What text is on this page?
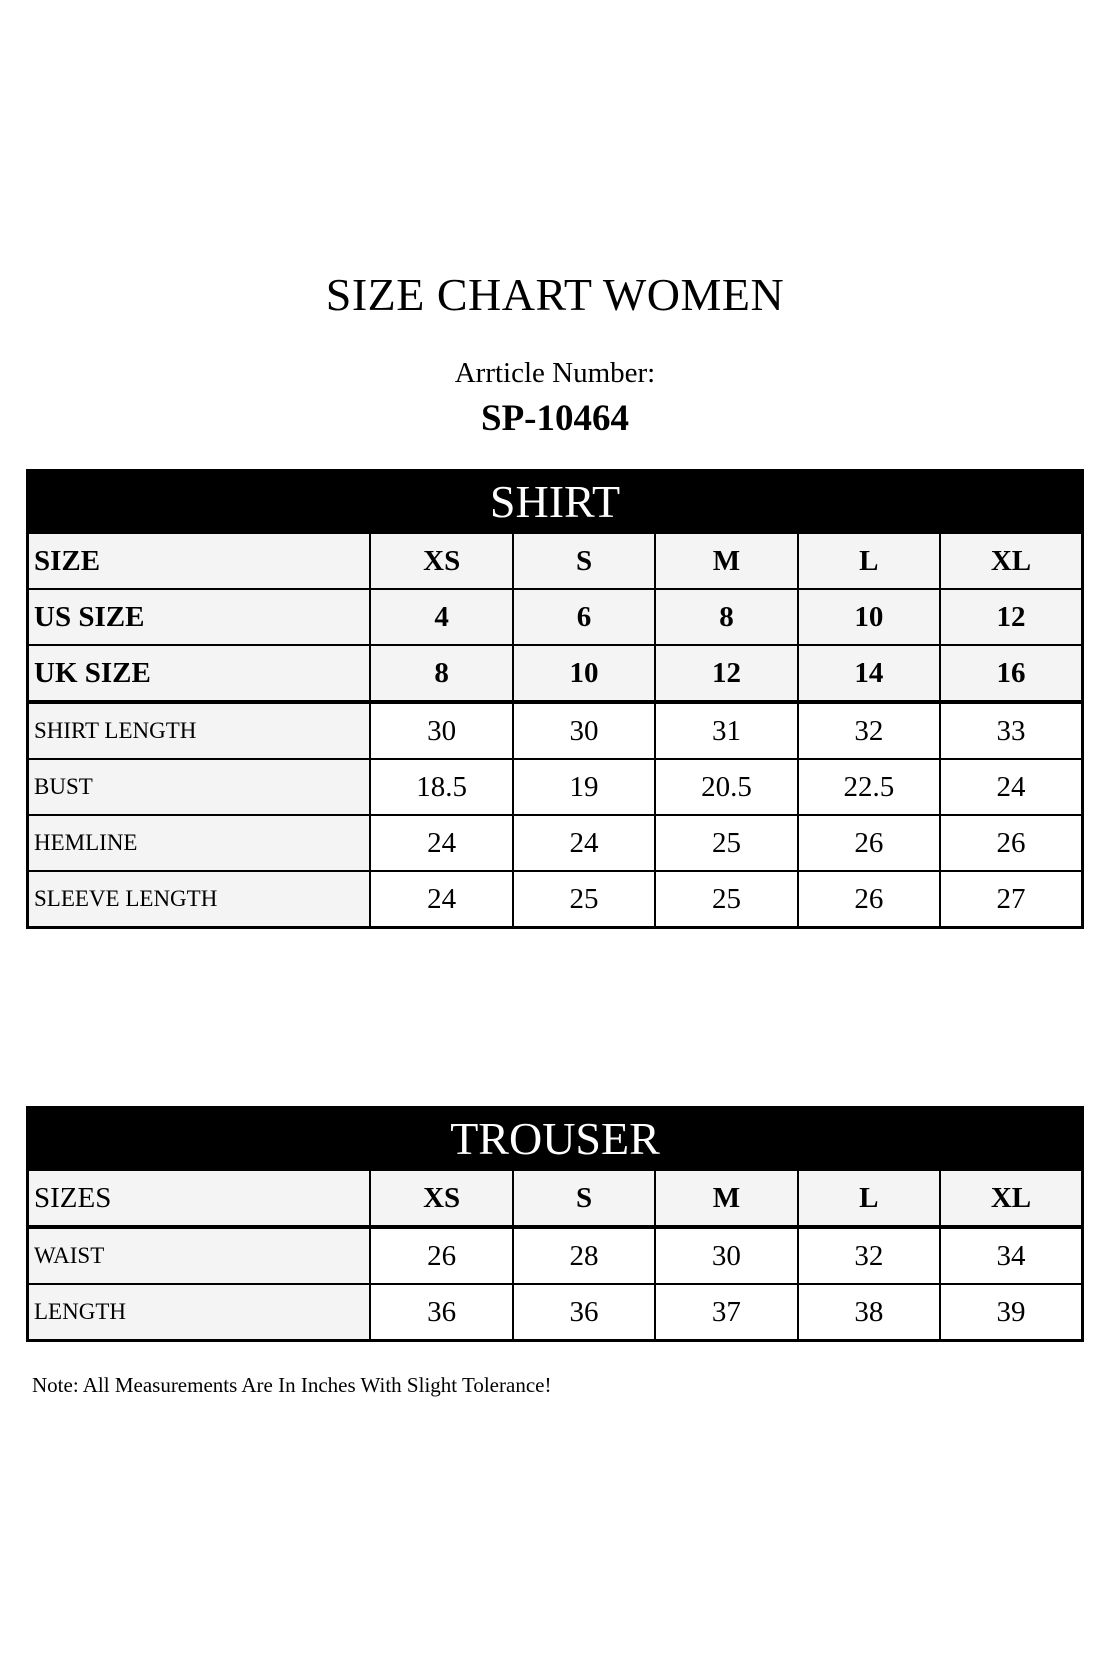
SIZE CHART WOMEN
Arrticle Number:
SP-10464
SHIRT					
SIZE	XS	S	M	L	XL
US SIZE	4	6	8	10	12
UK SIZE	8	10	12	14	16
SHIRT LENGTH	30	30	31	32	33
BUST	18.5	19	20.5	22.5	24
HEMLINE	24	24	25	26	26
SLEEVE LENGTH	24	25	25	26	27
TROUSER					
SIZES	XS	S	M	L	XL
WAIST	26	28	30	32	34
LENGTH	36	36	37	38	39
Note: All Measurements Are In Inches With Slight Tolerance!
